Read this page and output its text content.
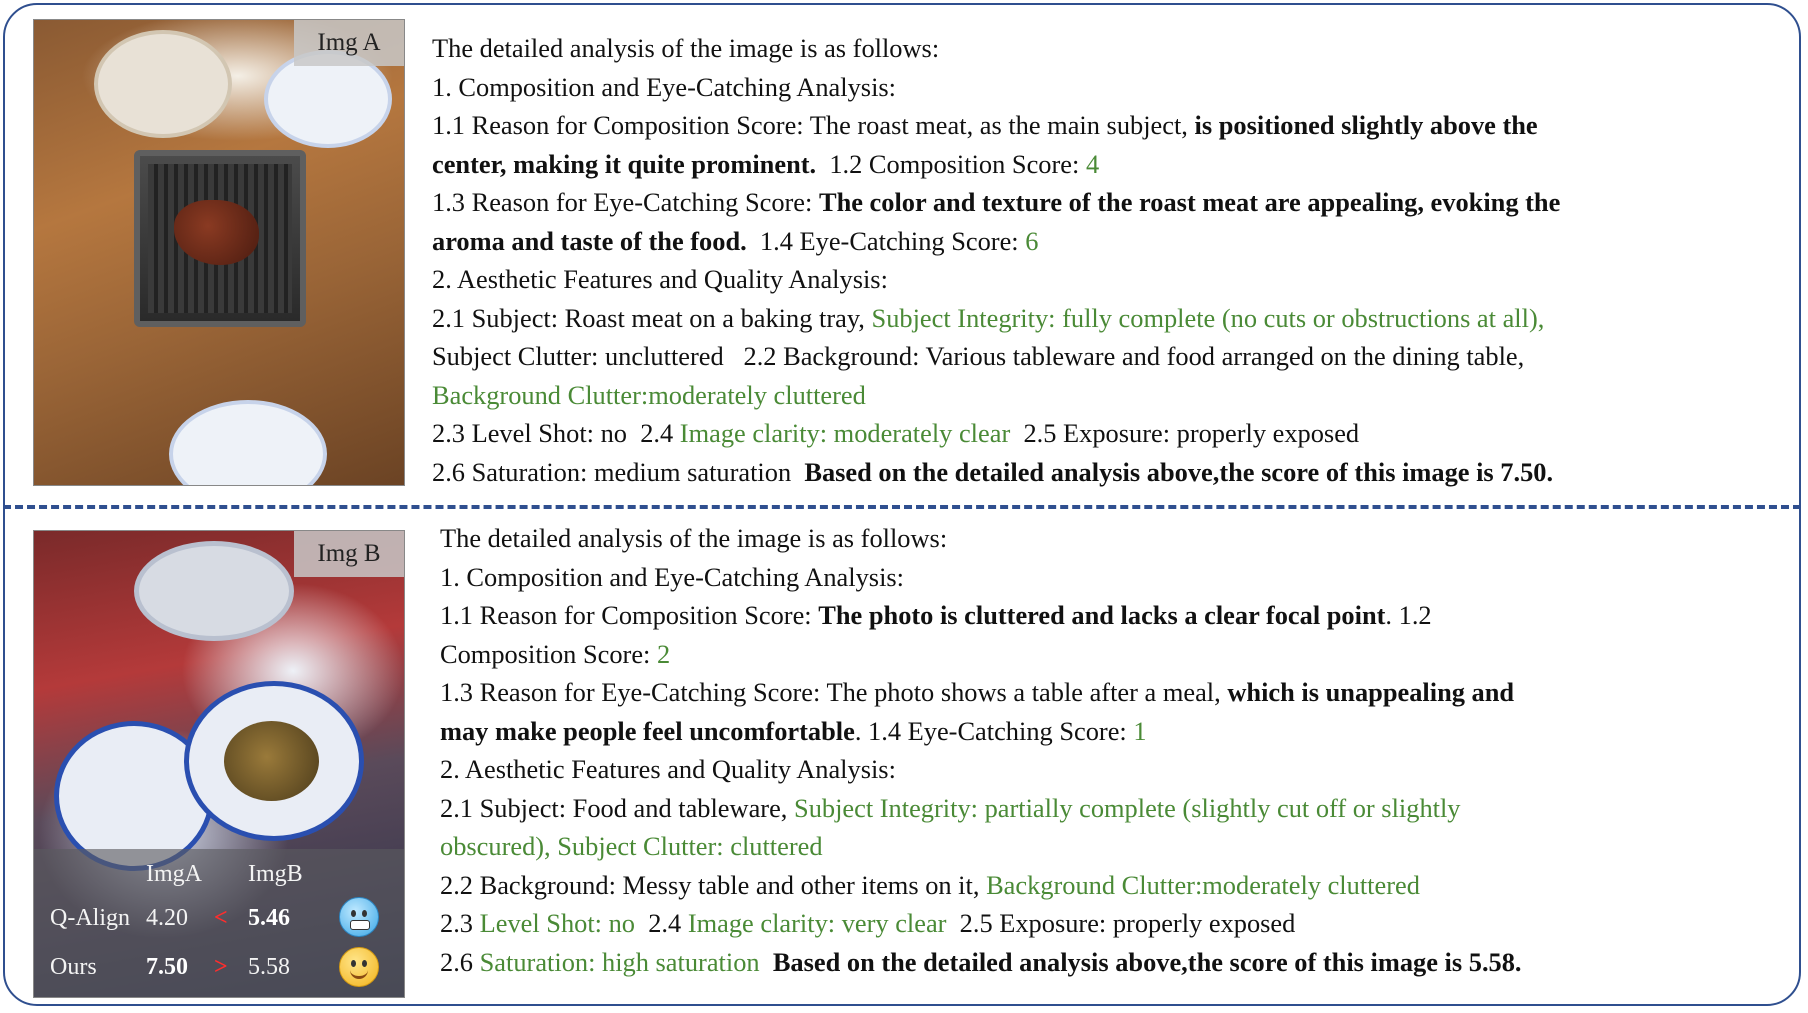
Img A	The detailed analysis of the image is as follows:
1. Composition and Eye-Catching Analysis:
1.1 Reason for Composition Score: The roast meat, as the main subject, is positioned slightly above the
center, making it quite prominent. 1.2 Composition Score: 4
1.3 Reason for Eye-Catching Score: The color and texture of the roast meat are appealing, evoking the
aroma and taste of the food. 1.4 Eye-Catching Score: 6
2. Aesthetic Features and Quality Analysis:
2.1 Subject: Roast meat on a baking tray, Subject Integrity: fully complete (no cuts or obstructions at all),
Subject Clutter: uncluttered 2.2 Background: Various tableware and food arranged on the dining table,
Background Clutter:moderately cluttered
2.3 Level Shot: no 2.4 Image clarity: moderately clear 2.5 Exposure: properly exposed
2.6 Saturation: medium saturation Based on the detailed analysis above,the score of this image is 7.50.
Img B
ImgA ImgB
Q-Align 4.20 < 5.46
Ours 7.50 > 5.58
The detailed analysis of the image is as follows:
1. Composition and Eye-Catching Analysis:
1.1 Reason for Composition Score: The photo is cluttered and lacks a clear focal point. 1.2
Composition Score: 2
1.3 Reason for Eye-Catching Score: The photo shows a table after a meal, which is unappealing and
may make people feel uncomfortable. 1.4 Eye-Catching Score: 1
2. Aesthetic Features and Quality Analysis:
2.1 Subject: Food and tableware, Subject Integrity: partially complete (slightly cut off or slightly
obscured), Subject Clutter: cluttered
2.2 Background: Messy table and other items on it, Background Clutter:moderately cluttered
2.3 Level Shot: no 2.4 Image clarity: very clear 2.5 Exposure: properly exposed
2.6 Saturation: high saturation Based on the detailed analysis above,the score of this image is 5.58.
